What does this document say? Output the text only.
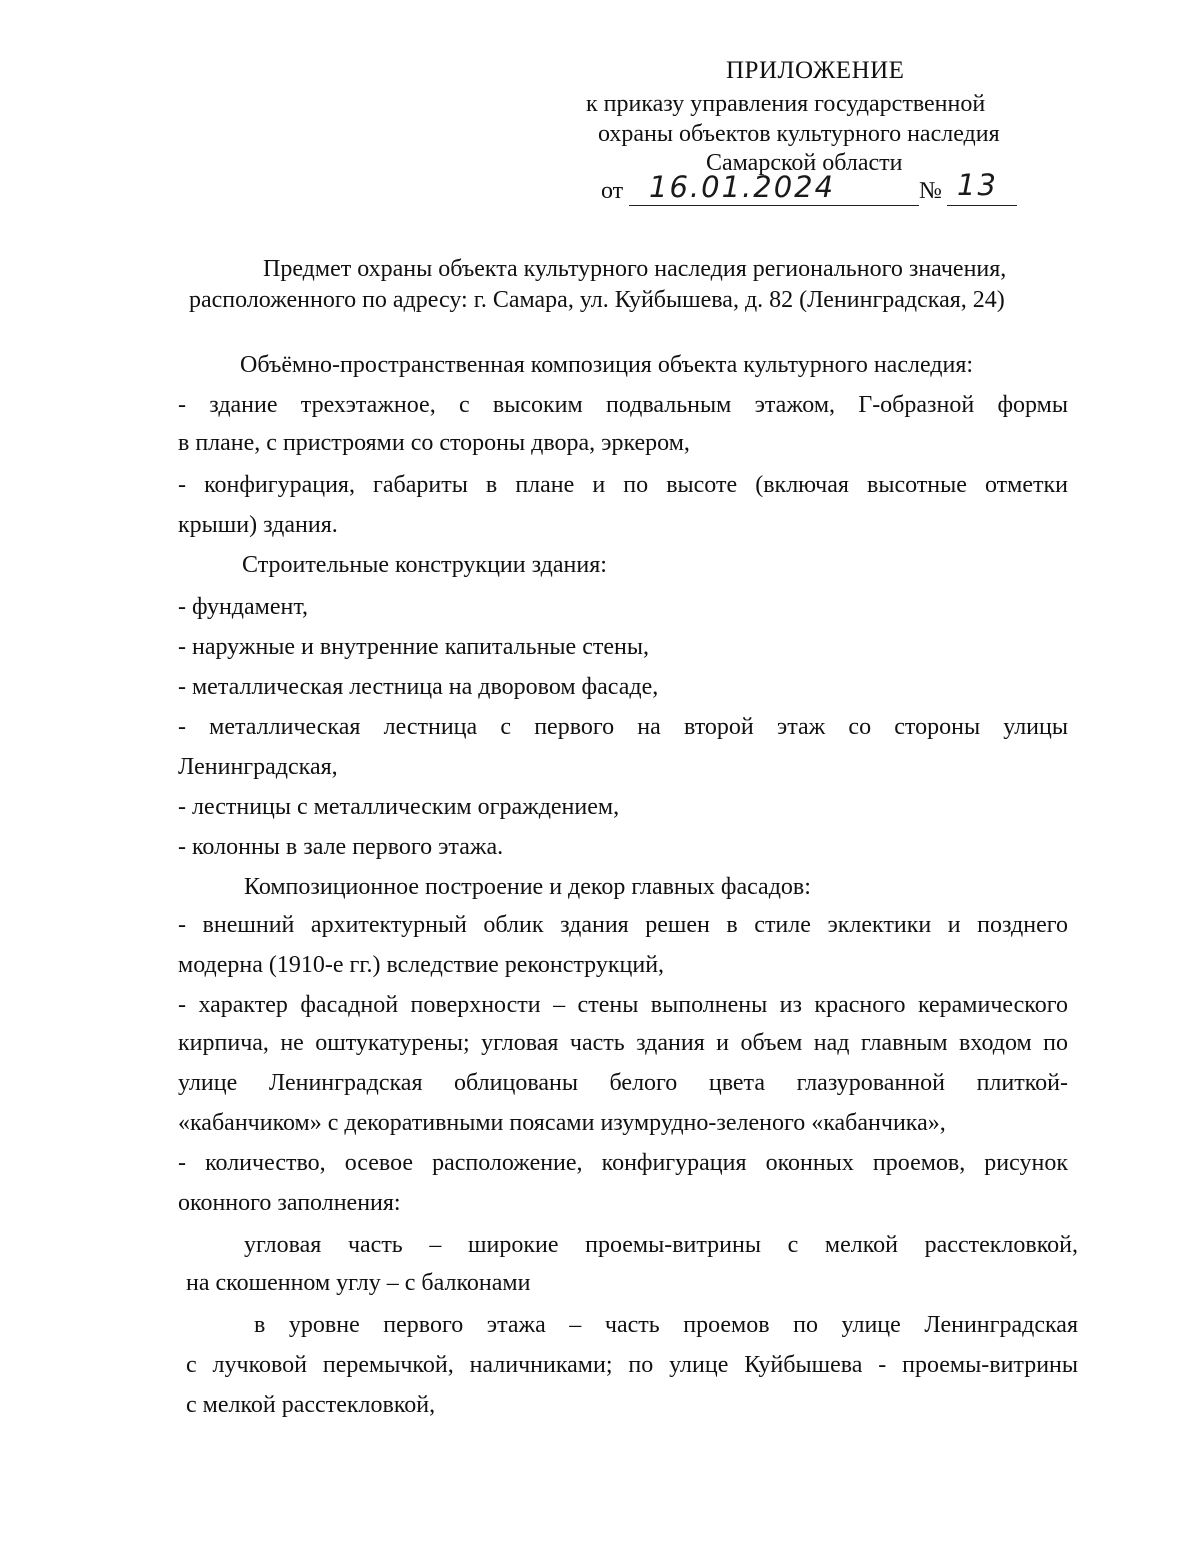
ПРИЛОЖЕНИЕ
к приказу управления государственной
охраны объектов культурного наследия
Самарской области
от 16.01.2024	№ 13
Предмет охраны объекта культурного наследия регионального значения,
расположенного по адресу: г. Самара, ул. Куйбышева, д. 82 (Ленинградская, 24)
Объёмно-пространственная композиция объекта культурного наследия:
- здание трехэтажное, с высоким подвальным этажом, Г-образной формы
в плане, с пристроями со стороны двора, эркером,
- конфигурация, габариты в плане и по высоте (включая высотные отметки
крыши) здания.
Строительные конструкции здания:
- фундамент,
- наружные и внутренние капитальные стены,
- металлическая лестница на дворовом фасаде,
- металлическая лестница с первого на второй этаж со стороны улицы
Ленинградская,
- лестницы с металлическим ограждением,
- колонны в зале первого этажа.
Композиционное построение и декор главных фасадов:
- внешний архитектурный облик здания решен в стиле эклектики и позднего
модерна (1910-е гг.) вследствие реконструкций,
- характер фасадной поверхности – стены выполнены из красного керамического
кирпича, не оштукатурены; угловая часть здания и объем над главным входом по
улице Ленинградская облицованы белого цвета глазурованной плиткой-
«кабанчиком» с декоративными поясами изумрудно-зеленого «кабанчика»,
- количество, осевое расположение, конфигурация оконных проемов, рисунок
оконного заполнения:
угловая часть – широкие проемы-витрины с мелкой расстекловкой,
на скошенном углу – с балконами
в уровне первого этажа – часть проемов по улице Ленинградская
с лучковой перемычкой, наличниками; по улице Куйбышева - проемы-витрины
с мелкой расстекловкой,
